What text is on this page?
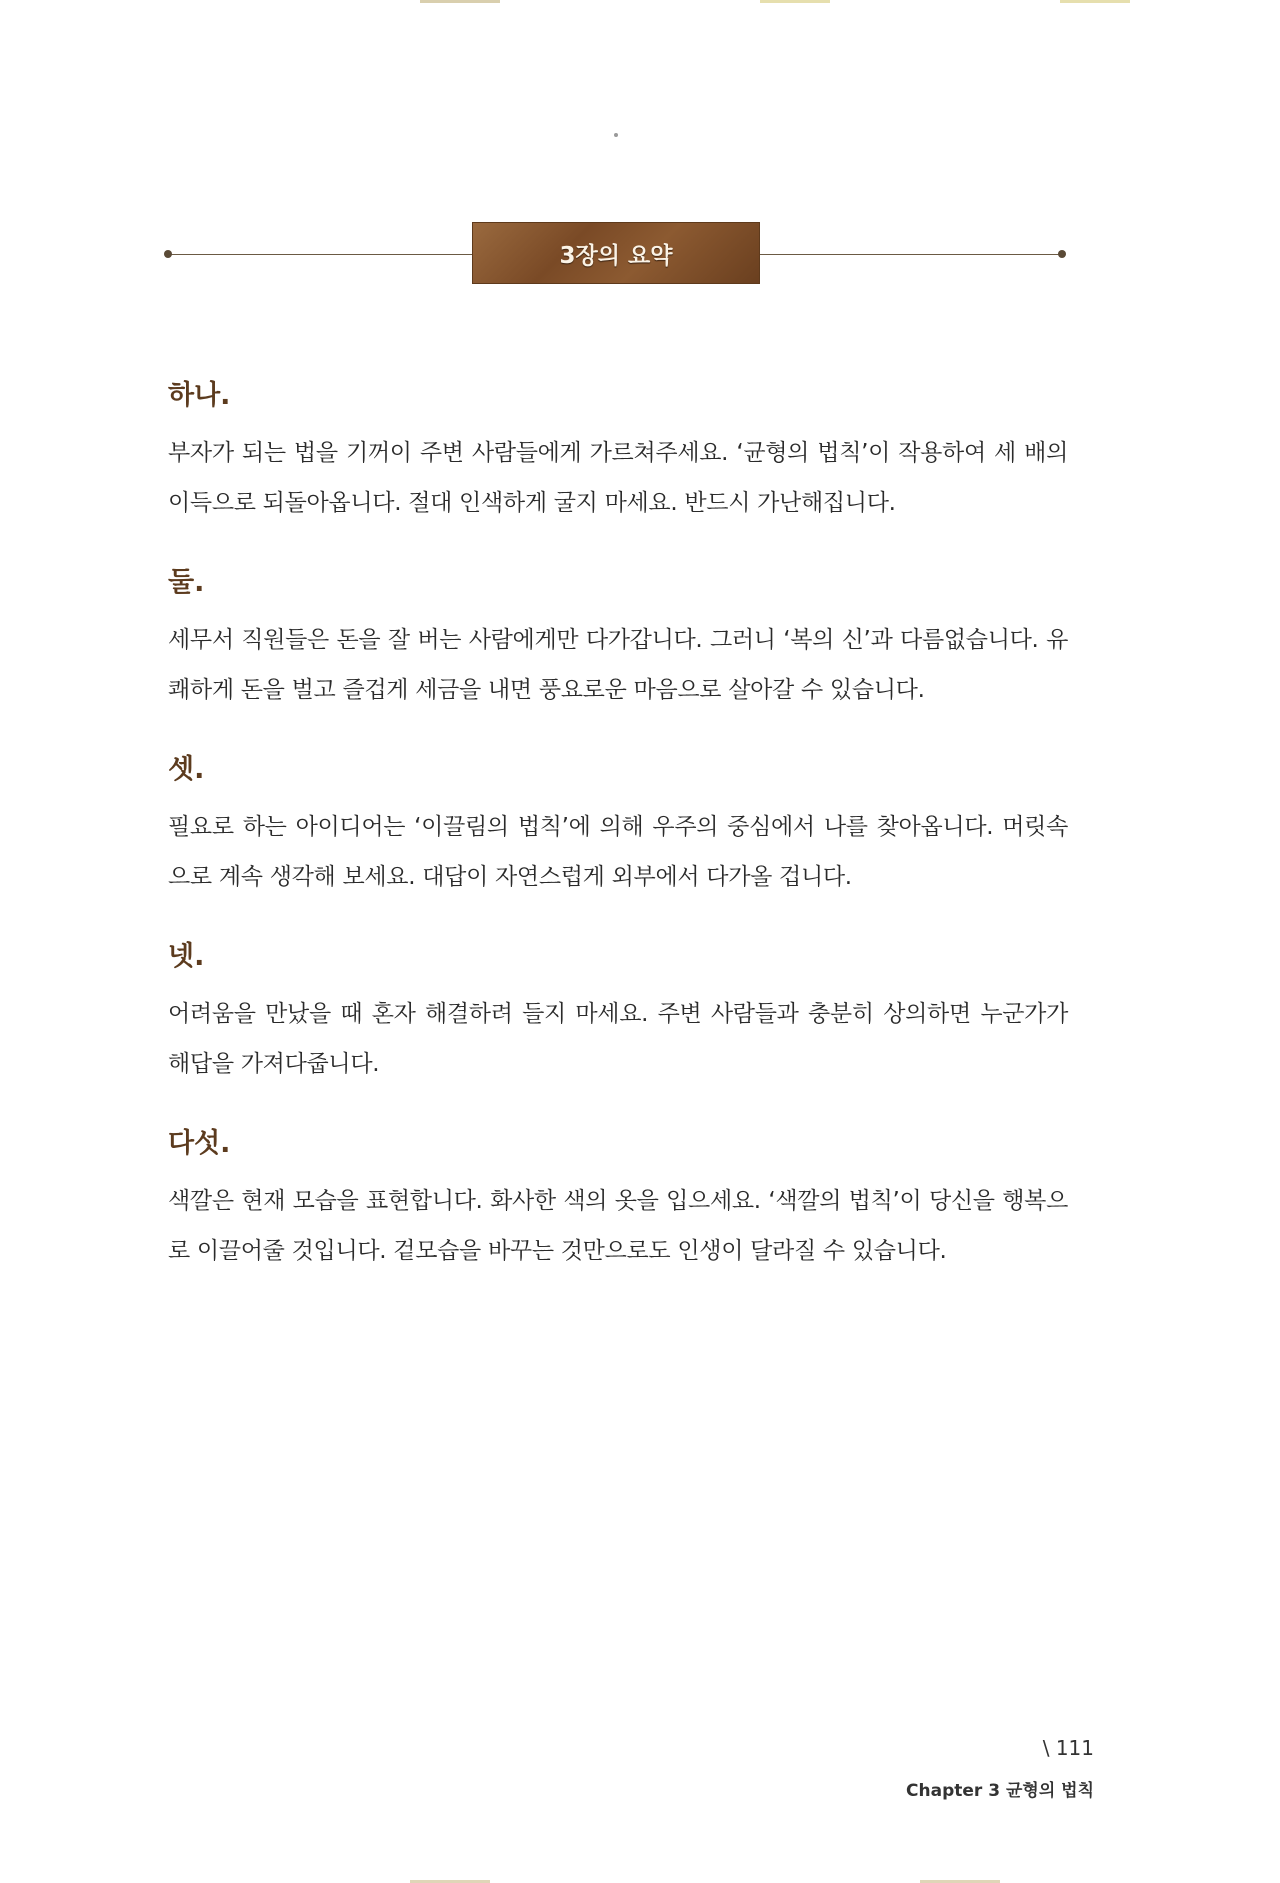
3장의 요약
하나.

부자가 되는 법을 기꺼이 주변 사람들에게 가르쳐주세요. ‘균형의 법칙’이 작용하여 세 배의 이득으로 되돌아옵니다. 절대 인색하게 굴지 마세요. 반드시 가난해집니다.

둘.

세무서 직원들은 돈을 잘 버는 사람에게만 다가갑니다. 그러니 ‘복의 신’과 다름없습니다. 유쾌하게 돈을 벌고 즐겁게 세금을 내면 풍요로운 마음으로 살아갈 수 있습니다.

셋.

필요로 하는 아이디어는 ‘이끌림의 법칙’에 의해 우주의 중심에서 나를 찾아옵니다. 머릿속으로 계속 생각해 보세요. 대답이 자연스럽게 외부에서 다가올 겁니다.

넷.

어려움을 만났을 때 혼자 해결하려 들지 마세요. 주변 사람들과 충분히 상의하면 누군가가 해답을 가져다줍니다.

다섯.

색깔은 현재 모습을 표현합니다. 화사한 색의 옷을 입으세요. ‘색깔의 법칙’이 당신을 행복으로 이끌어줄 것입니다. 겉모습을 바꾸는 것만으로도 인생이 달라질 수 있습니다.

\ 111
Chapter 3 균형의 법칙
